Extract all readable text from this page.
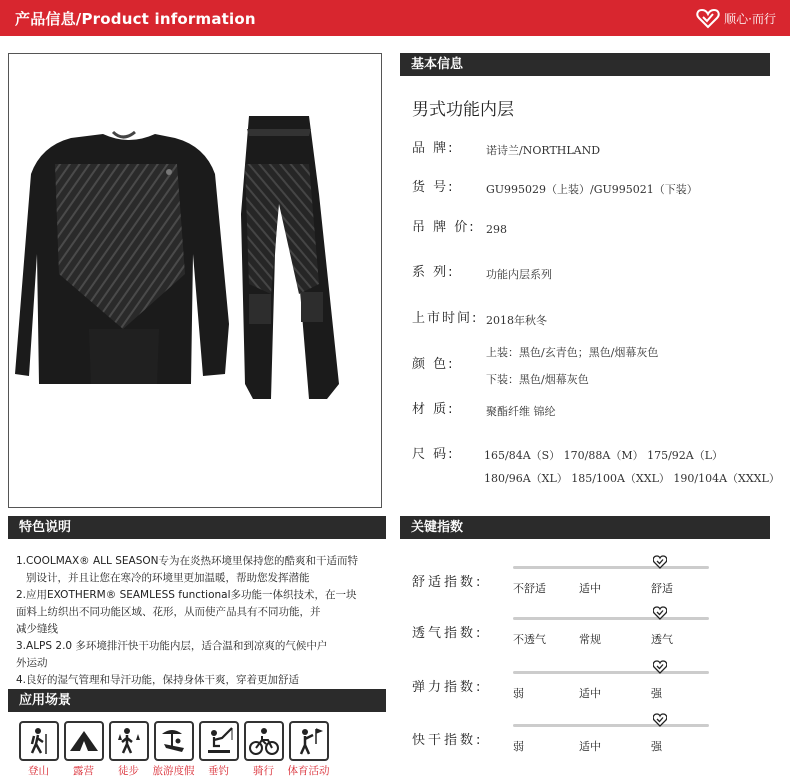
产品信息/Product information	顺心·而行
基本信息
男式功能内层
品 牌:	诺诗兰/NORTHLAND
货 号:	GU995029（上装）/GU995021（下装）
吊 牌 价: 298
系 列:	功能内层系列
上市时间: 2018年秋冬
颜 色:
上装：黑色/玄青色；黑色/烟幕灰色
下装：黑色/烟幕灰色
材 质:	聚酯纤维 锦纶
尺 码:	165/84A（S） 170/88A（M） 175/92A（L）
180/96A（XL） 185/100A（XXL） 190/104A（XXXL）
特色说明
1.COOLMAX® ALL SEASON专为在炎热环境里保持您的酷爽和干适而特
别设计，并且让您在寒冷的环境里更加温暖，帮助您发挥潜能
2.应用EXOTHERM® SEAMLESS functional多功能一体织技术，在一块
面料上纺织出不同功能区域、花形，从而使产品具有不同功能，并
减少缝线
3.ALPS 2.0 多环境排汗快干功能内层，适合温和到凉爽的气候中户
外运动
4.良好的湿气管理和导汗功能，保持身体干爽，穿着更加舒适
应用场景
登山	露营	徒步	旅游度假	垂钓	骑行	体育活动
关键指数
舒适指数:	不舒适	适中	舒适
透气指数:	不透气	常规	透气
弹力指数:	弱	适中	强
快干指数:	弱	适中	强
